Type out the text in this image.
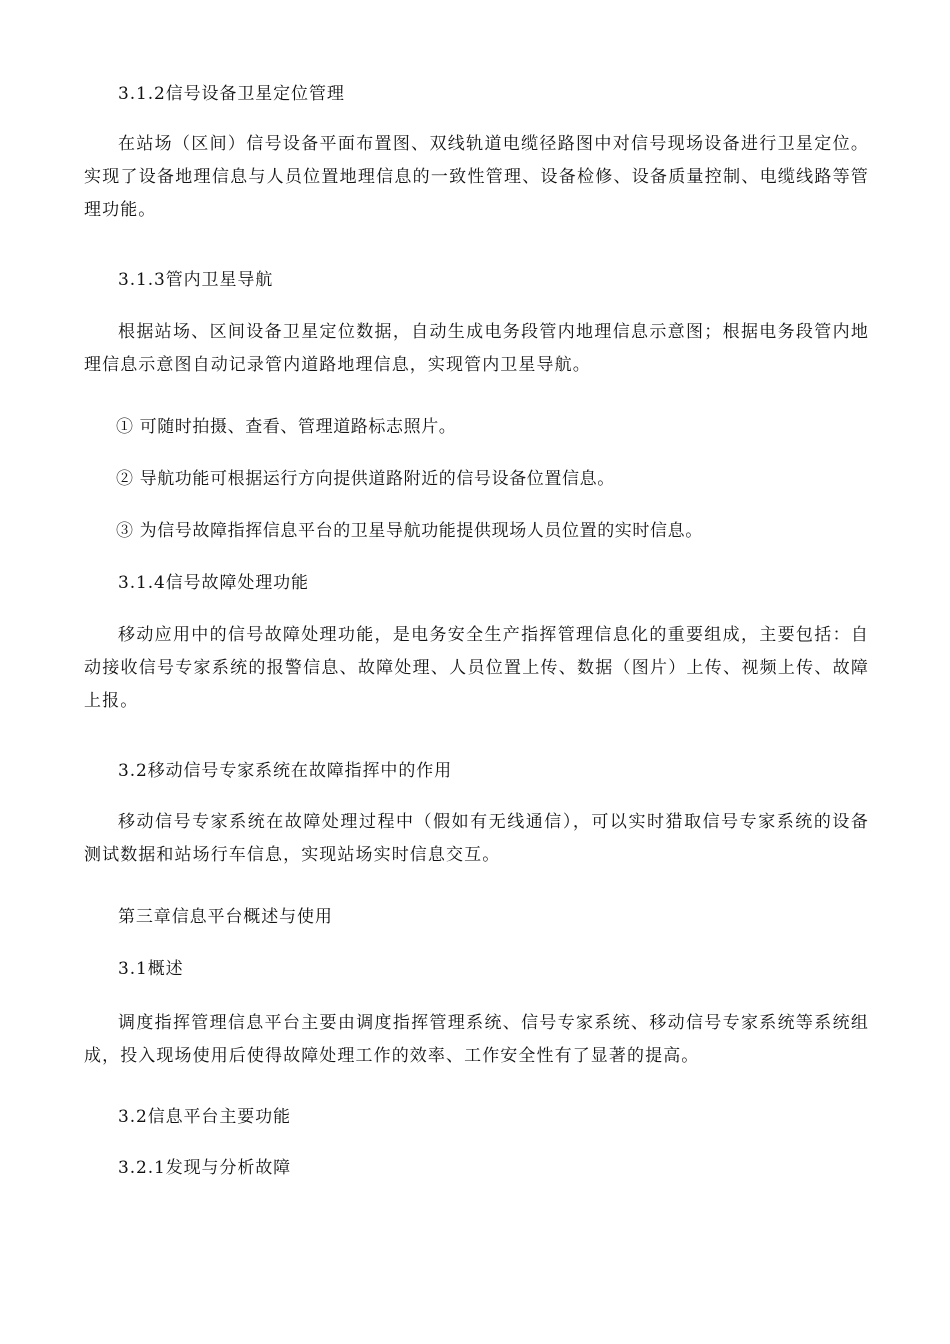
3.1.2信号设备卫星定位管理

在站场（区间）信号设备平面布置图、双线轨道电缆径路图中对信号现场设备进行卫星定位。实现了设备地理信息与人员位置地理信息的一致性管理、设备检修、设备质量控制、电缆线路等管理功能。

3.1.3管内卫星导航

根据站场、区间设备卫星定位数据，自动生成电务段管内地理信息示意图；根据电务段管内地理信息示意图自动记录管内道路地理信息，实现管内卫星导航。

① 可随时拍摄、查看、管理道路标志照片。

② 导航功能可根据运行方向提供道路附近的信号设备位置信息。

③ 为信号故障指挥信息平台的卫星导航功能提供现场人员位置的实时信息。

3.1.4信号故障处理功能

移动应用中的信号故障处理功能，是电务安全生产指挥管理信息化的重要组成，主要包括：自动接收信号专家系统的报警信息、故障处理、人员位置上传、数据（图片）上传、视频上传、故障上报。

3.2移动信号专家系统在故障指挥中的作用

移动信号专家系统在故障处理过程中（假如有无线通信），可以实时猎取信号专家系统的设备测试数据和站场行车信息，实现站场实时信息交互。

第三章信息平台概述与使用

3.1概述

调度指挥管理信息平台主要由调度指挥管理系统、信号专家系统、移动信号专家系统等系统组成，投入现场使用后使得故障处理工作的效率、工作安全性有了显著的提高。

3.2信息平台主要功能

3.2.1发现与分析故障
